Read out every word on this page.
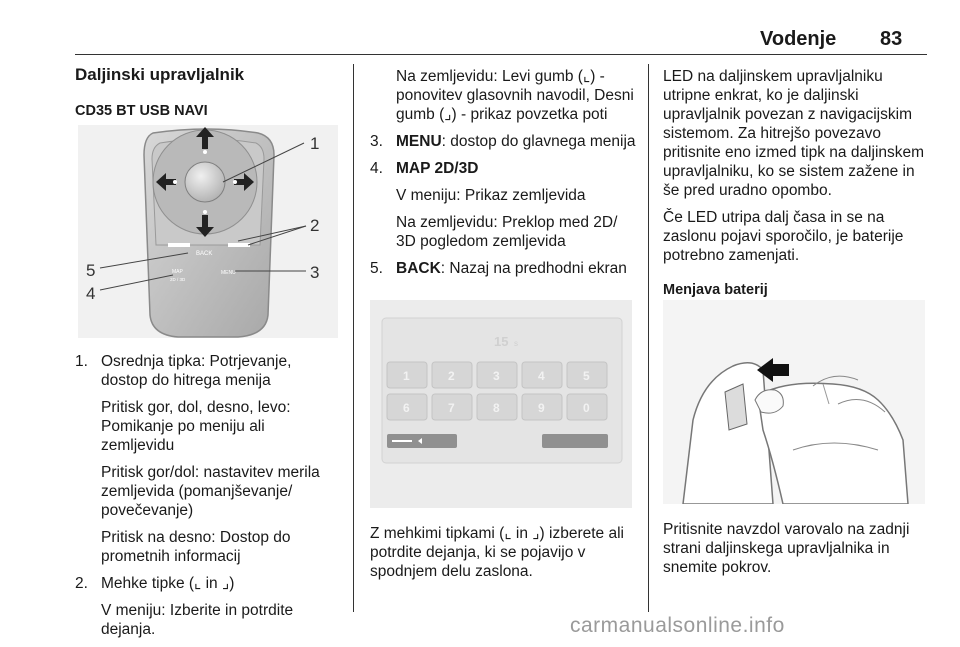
Vodenje 83

Daljinski upravljalnik

CD35 BT USB NAVI

BACK
MAP
2D / 3D
MENU
1
2
3
4
5
1. Osrednja tipka: Potrjevanje, dostop do hitrega menija

Pritisk gor, dol, desno, levo: Pomikanje po meniju ali zemljevidu

Pritisk gor/dol: nastavitev merila zemljevida (pomanjševanje/ povečevanje)

Pritisk na desno: Dostop do prometnih informacij

2. Mehke tipke (⌞ in ⌟)

V meniju: Izberite in potrdite dejanja.

Na zemljevidu: Levi gumb (⌞) - ponovitev glasovnih navodil, Desni gumb (⌟) - prikaz povzetka poti

3. MENU: dostop do glavnega menija

4. MAP 2D/3D

V meniju: Prikaz zemljevida

Na zemljevidu: Preklop med 2D/ 3D pogledom zemljevida

5. BACK: Nazaj na predhodni ekran

15 s
1	2	3	4	5
6	7	8	9	0

Z mehkimi tipkami (⌞ in ⌟) izberete ali potrdite dejanja, ki se pojavijo v spodnjem delu zaslona.

LED na daljinskem upravljalniku utripne enkrat, ko je daljinski upravljalnik povezan z navigacijskim sistemom. Za hitrejšo povezavo pritisnite eno izmed tipk na daljinskem upravljalniku, ko se sistem zažene in še pred uradno opombo.

Če LED utripa dalj časa in se na zaslonu pojavi sporočilo, je baterije potrebno zamenjati.

Menjava baterij

Pritisnite navzdol varovalo na zadnji strani daljinskega upravljalnika in snemite pokrov.

carmanualsonline.info
